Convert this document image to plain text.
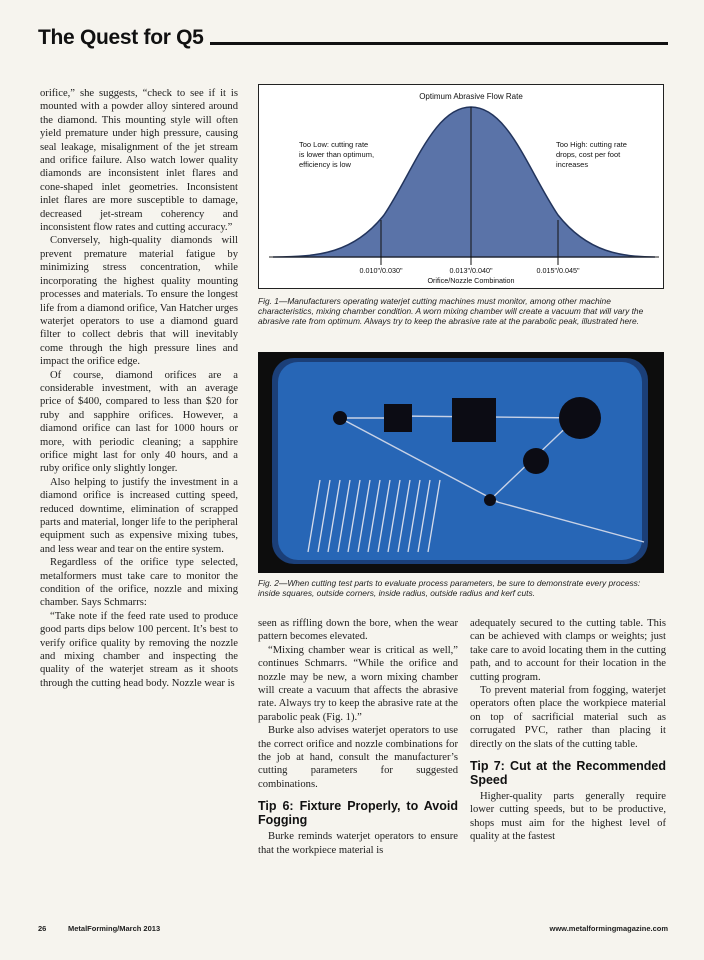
The Quest for Q5

orifice,” she suggests, “check to see if it is mounted with a powder alloy sintered around the diamond. This mounting style will often yield premature under high pressure, causing seal leakage, misalignment of the jet stream and orifice failure. Also watch lower quality diamonds are inconsistent inlet flares and cone-shaped inlet geometries. Inconsistent inlet flares are more susceptible to damage, decreased jet-stream coherency and inconsistent flow rates and cutting accuracy.”

Conversely, high-quality diamonds will prevent premature material fatigue by minimizing stress concentration, while incorporating the highest quality mounting processes and materials. To ensure the longest life from a diamond orifice, Van Hatcher urges waterjet operators to use a diamond guard filter to collect debris that will inevitably come through the high pressure lines and impact the orifice edge.

Of course, diamond orifices are a considerable investment, with an average price of $400, compared to less than $20 for ruby and sapphire orifices. However, a diamond orifice can last for 1000 hours or more, with periodic cleaning; a sapphire orifice might last for only 40 hours, and a ruby orifice only slightly longer.

Also helping to justify the investment in a diamond orifice is increased cutting speed, reduced downtime, elimination of scrapped parts and material, longer life to the peripheral equipment such as expensive mixing tubes, and less wear and tear on the entire system.

Regardless of the orifice type selected, metalformers must take care to monitor the condition of the orifice, nozzle and mixing chamber. Says Schmarrs:

“Take note if the feed rate used to produce good parts dips below 100 percent. It’s best to verify orifice quality by removing the nozzle and mixing chamber and inspecting the quality of the waterjet stream as it shoots through the cutting head body. Nozzle wear is

Optimum Abrasive Flow Rate
Too Low: cutting rate
is lower than optimum,
efficiency is low
Too High: cutting rate
drops, cost per foot
increases
0.010"/0.030"	0.013"/0.040"	0.015"/0.045"
Orifice/Nozzle Combination
Fig. 1—Manufacturers operating waterjet cutting machines must monitor, among other machine characteristics, mixing chamber condition. A worn mixing chamber will create a vacuum that will vary the abrasive rate from optimum. Always try to keep the abrasive rate at the parabolic peak, illustrated here.
Fig. 2—When cutting test parts to evaluate process parameters, be sure to demonstrate every process: inside squares, outside corners, inside radius, outside radius and kerf cuts.

seen as riffling down the bore, when the wear pattern becomes elevated.

“Mixing chamber wear is critical as well,” continues Schmarrs. “While the orifice and nozzle may be new, a worn mixing chamber will create a vacuum that affects the abrasive rate. Always try to keep the abrasive rate at the parabolic peak (Fig. 1).”

Burke also advises waterjet operators to use the correct orifice and nozzle combinations for the job at hand, consult the manufacturer’s cutting parameters for suggested combinations.

Tip 6: Fixture Properly, to Avoid Fogging

Burke reminds waterjet operators to ensure that the workpiece material is

adequately secured to the cutting table. This can be achieved with clamps or weights; just take care to avoid locating them in the cutting path, and to account for their location in the cutting program.

To prevent material from fogging, waterjet operators often place the workpiece material on top of sacrificial material such as corrugated PVC, rather than placing it directly on the slats of the cutting table.

Tip 7: Cut at the Recommended Speed

Higher-quality parts generally require lower cutting speeds, but to be productive, shops must aim for the highest level of quality at the fastest

26	MetalForming/March 2013	www.metalformingmagazine.com
